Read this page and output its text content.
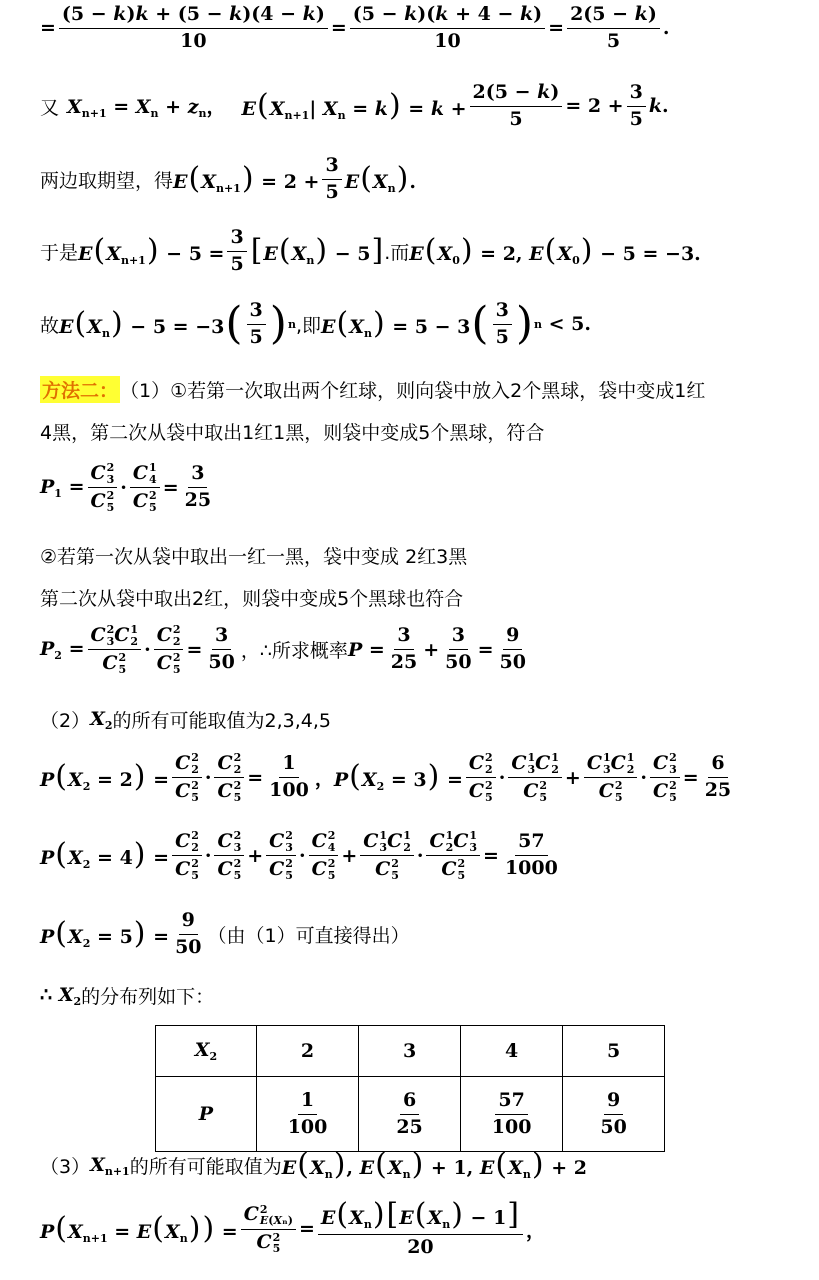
= $\frac{(5 - k)k + (5 - k)(4 - k)}{10} = \frac{(5 - k)(k + 4 - k)}{10} = \frac{2(5 - k)}{5}$ .
又 $X_{n+1} = X_n + z_n$， $E(X_{n+1}|$ $X_n = k) = k + \frac{2(5 - k)}{5} = 2 + \frac{3}{5}$ k .
两边取期望，得 $E(X_{n+1}) = 2 + \frac{3}{5} E(X_n)$.
于是 $E(X_{n+1}) - 5 = \frac{3}{5} [E(X_n) - 5]$ .而 $E(X_0) = 2$, $E(X_0) - 5 = -3$.
故 $E(X_n) - 5 = -3$ ( $\frac{3}{5}$ ) n ,即 $E(X_n) = 5 - 3$ ( $\frac{3}{5}$ ) n < 5.
方法二： （1）①若第一次取出两个红球，则向袋中放入2个黑球，袋中变成1红
4黑，第二次从袋中取出1红1黑，则袋中变成5个黑球，符合
$P_1 = C$ 2
3
C 2
5 · C 1
4
C 2
$5 = \frac{3}{25}$
②若第一次从袋中取出一红一黑，袋中变成 2红3黑
第二次从袋中取出2红，则袋中变成5个黑球也符合
$P_2 = C$ 2
3 C 1
2
C 2
5 · C 2
2
C 2
$5 = \frac{3}{50}$ ，∴所求概率 $P = \frac{3}{25} + \frac{3}{50} = \frac{9}{50}$
（2） $X_2$ 的所有可能取值为2,3,4,5
$P(X_2 = 2) = C$ 2
2
C 2
5 · C 2
2
C 2
$5 = \frac{1}{100}$ ， $P(X_2 = 3) = C$ 2
2
C 2
5 · C 1
3 C 1
2
C 2
5 + C 1
3 C 1
2
C 2
5 · C 2
3
C 2
$5 = \frac{6}{25}$
$P(X_2 = 4) = C$ 2
2
C 2
5 · C 2
3
C 2
5 + C 2
3
C 2
5 · C 2
4
C 2
5 + C 1
3 C 1
2
C 2
5 · C 1
2 C 1
3
C 2
$5 = \frac{57}{1000}$
$P(X_2 = 5) = \frac{9}{50}$ （由（1）可直接得出）
∴ $X_2$ 的分布列如下：
$X_2$	2	3	4	5
P	$\frac{1}{100}$	$\frac{6}{25}$	$\frac{57}{100}$	$\frac{9}{50}$
（3） $X_{n+1}$ 的所有可能取值为 $E(X_n)$, $E(X_n) + 1$, $E(X_n) + 2$
$P(X_{n+1} = E(X_n)) = C$ 2
E(Xₙ)
C 2
$5 = \frac{E(X_n)[E(X_n) - 1]}{20}$ ，
